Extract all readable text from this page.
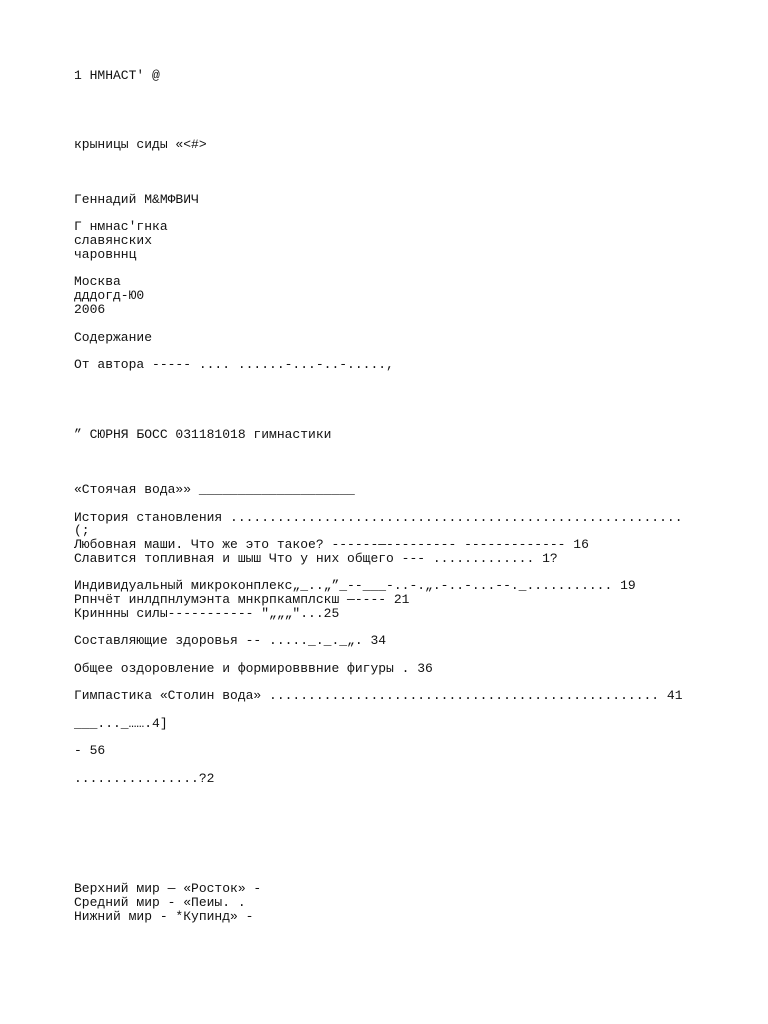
1 НМНАСТ' @
крыницы сиды «<#>
Геннадий М&МФВИЧ
Г нмнас'гнка
славянских
чаровннц
Москва
дддогд-Ю0
2006
Содержание
От автора ----- .... ......-...-..-.....,
” СЮРНЯ БОСС 031181018 гимнастики
«Стоячая вода»» ____________________
История становления ..........................................................
(;
Любовная маши. Что же это такое? ------—--------- ------------- 16
Славится топливная и шыш Что у них общего --- ............. 1?
Индивидуальный микроконплекс„_..„”_--___-..-.„.-..-...--._........... 19
Рпнчёт инлдпнлумэнта мнкрпкамплскш —---- 21
Криннны силы----------- "„„„"...25
Составляющие здоровья -- ....._._._„. 34
Общее оздоровление и формировввние фигуры . 36
Гимпастика «Столин вода» .................................................. 41
___..._…….4]
- 56
................?2
Верхний мир — «Росток» -
Средний мир - «Пеиы. .
Нижний мир - *Купинд» -
